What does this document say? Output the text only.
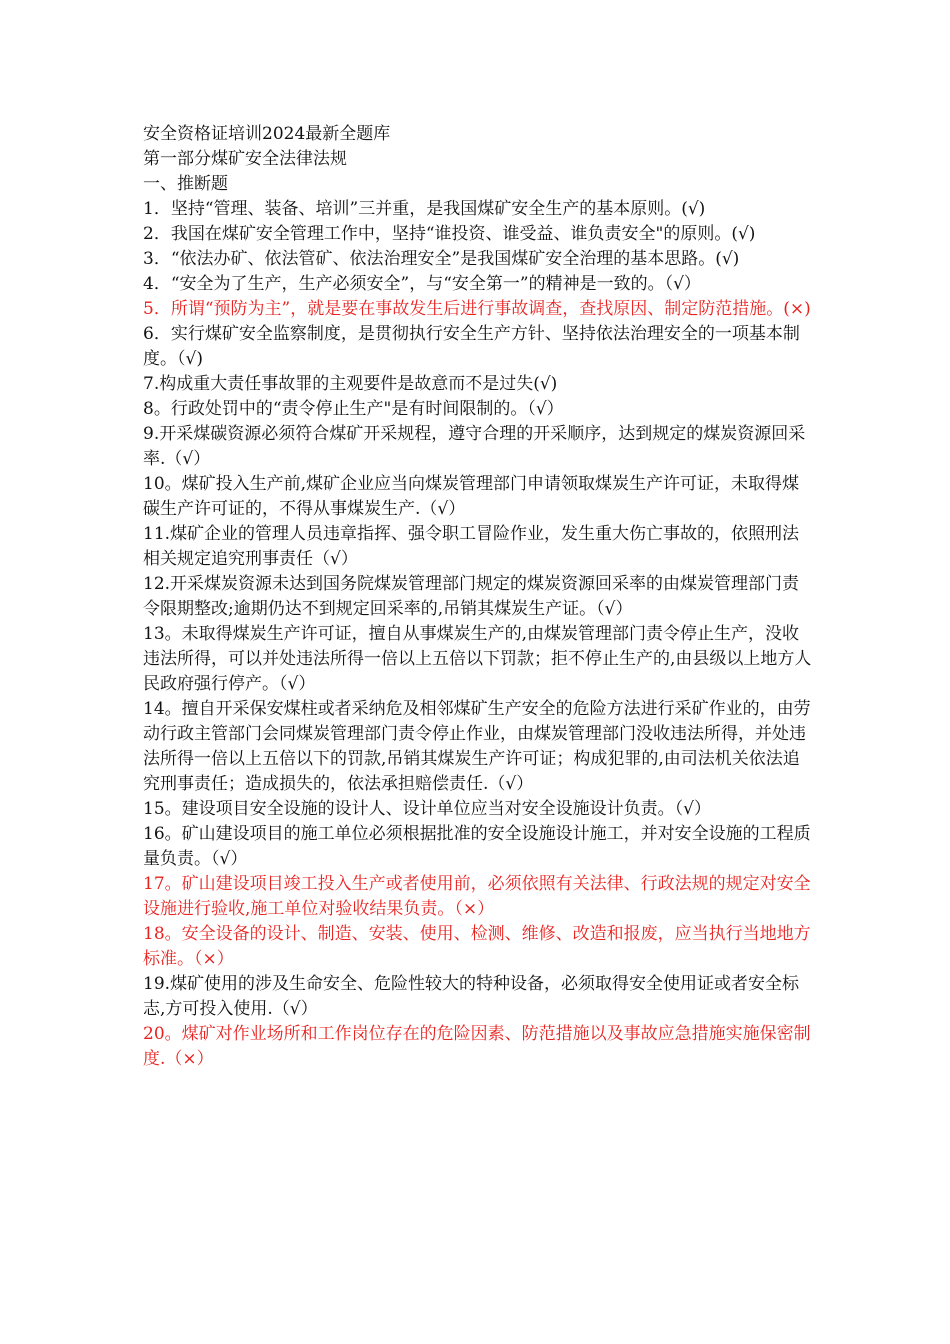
安全资格证培训2024最新全题库

第一部分煤矿安全法律法规

一、推断题

1．坚持“管理、装备、培训”三并重，是我国煤矿安全生产的基本原则。(√)

2．我国在煤矿安全管理工作中，坚持“谁投资、谁受益、谁负责安全"的原则。(√)

3．“依法办矿、依法管矿、依法治理安全”是我国煤矿安全治理的基本思路。(√)

4．“安全为了生产，生产必须安全”，与“安全第一”的精神是一致的。（√）

5．所谓“预防为主”，就是要在事故发生后进行事故调查，查找原因、制定防范措施。(×)

6．实行煤矿安全监察制度，是贯彻执行安全生产方针、坚持依法治理安全的一项基本制度。（√)

7.构成重大责任事故罪的主观要件是故意而不是过失(√)

8。行政处罚中的“责令停止生产"是有时间限制的。（√）

9.开采煤碳资源必须符合煤矿开采规程，遵守合理的开采顺序，达到规定的煤炭资源回采率.（√）

10。煤矿投入生产前,煤矿企业应当向煤炭管理部门申请领取煤炭生产许可证，未取得煤碳生产许可证的，不得从事煤炭生产.（√）

11.煤矿企业的管理人员违章指挥、强令职工冒险作业，发生重大伤亡事故的，依照刑法相关规定追究刑事责任（√）

12.开采煤炭资源未达到国务院煤炭管理部门规定的煤炭资源回采率的由煤炭管理部门责令限期整改;逾期仍达不到规定回采率的,吊销其煤炭生产证。（√）

13。未取得煤炭生产许可证，擅自从事煤炭生产的,由煤炭管理部门责令停止生产，没收违法所得，可以并处违法所得一倍以上五倍以下罚款；拒不停止生产的,由县级以上地方人民政府强行停产。（√）

14。擅自开采保安煤柱或者采纳危及相邻煤矿生产安全的危险方法进行采矿作业的，由劳动行政主管部门会同煤炭管理部门责令停止作业，由煤炭管理部门没收违法所得，并处违法所得一倍以上五倍以下的罚款,吊销其煤炭生产许可证；构成犯罪的,由司法机关依法追究刑事责任；造成损失的，依法承担赔偿责任.（√）

15。建设项目安全设施的设计人、设计单位应当对安全设施设计负责。（√）

16。矿山建设项目的施工单位必须根据批准的安全设施设计施工，并对安全设施的工程质量负责。（√）

17。矿山建设项目竣工投入生产或者使用前，必须依照有关法律、行政法规的规定对安全设施进行验收,施工单位对验收结果负责。（×）

18。安全设备的设计、制造、安装、使用、检测、维修、改造和报废，应当执行当地地方标准。（×）

19.煤矿使用的涉及生命安全、危险性较大的特种设备，必须取得安全使用证或者安全标志,方可投入使用.（√）

20。煤矿对作业场所和工作岗位存在的危险因素、防范措施以及事故应急措施实施保密制度.（×）
